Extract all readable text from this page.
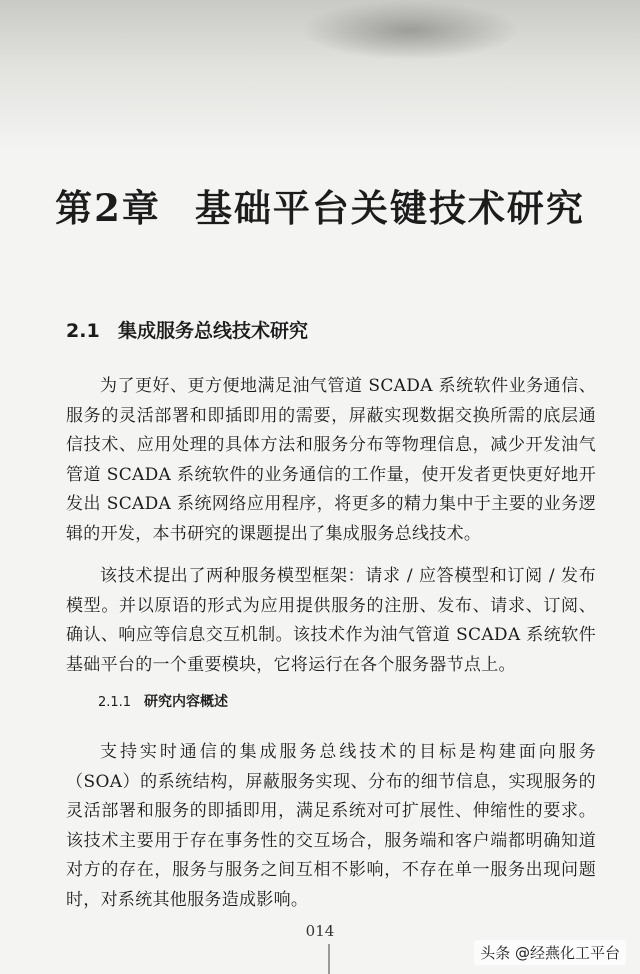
第2章 基础平台关键技术研究
2.1 集成服务总线技术研究

为了更好、更方便地满足油气管道 SCADA 系统软件业务通信、服务的灵活部署和即插即用的需要，屏蔽实现数据交换所需的底层通信技术、应用处理的具体方法和服务分布等物理信息，减少开发油气管道 SCADA 系统软件的业务通信的工作量，使开发者更快更好地开发出 SCADA 系统网络应用程序，将更多的精力集中于主要的业务逻辑的开发，本书研究的课题提出了集成服务总线技术。

该技术提出了两种服务模型框架：请求 / 应答模型和订阅 / 发布模型。并以原语的形式为应用提供服务的注册、发布、请求、订阅、确认、响应等信息交互机制。该技术作为油气管道 SCADA 系统软件基础平台的一个重要模块，它将运行在各个服务器节点上。

2.1.1 研究内容概述

支持实时通信的集成服务总线技术的目标是构建面向服务（SOA）的系统结构，屏蔽服务实现、分布的细节信息，实现服务的灵活部署和服务的即插即用，满足系统对可扩展性、伸缩性的要求。该技术主要用于存在事务性的交互场合，服务端和客户端都明确知道对方的存在，服务与服务之间互相不影响，不存在单一服务出现问题时，对系统其他服务造成影响。

014
头条 @经燕化工平台
